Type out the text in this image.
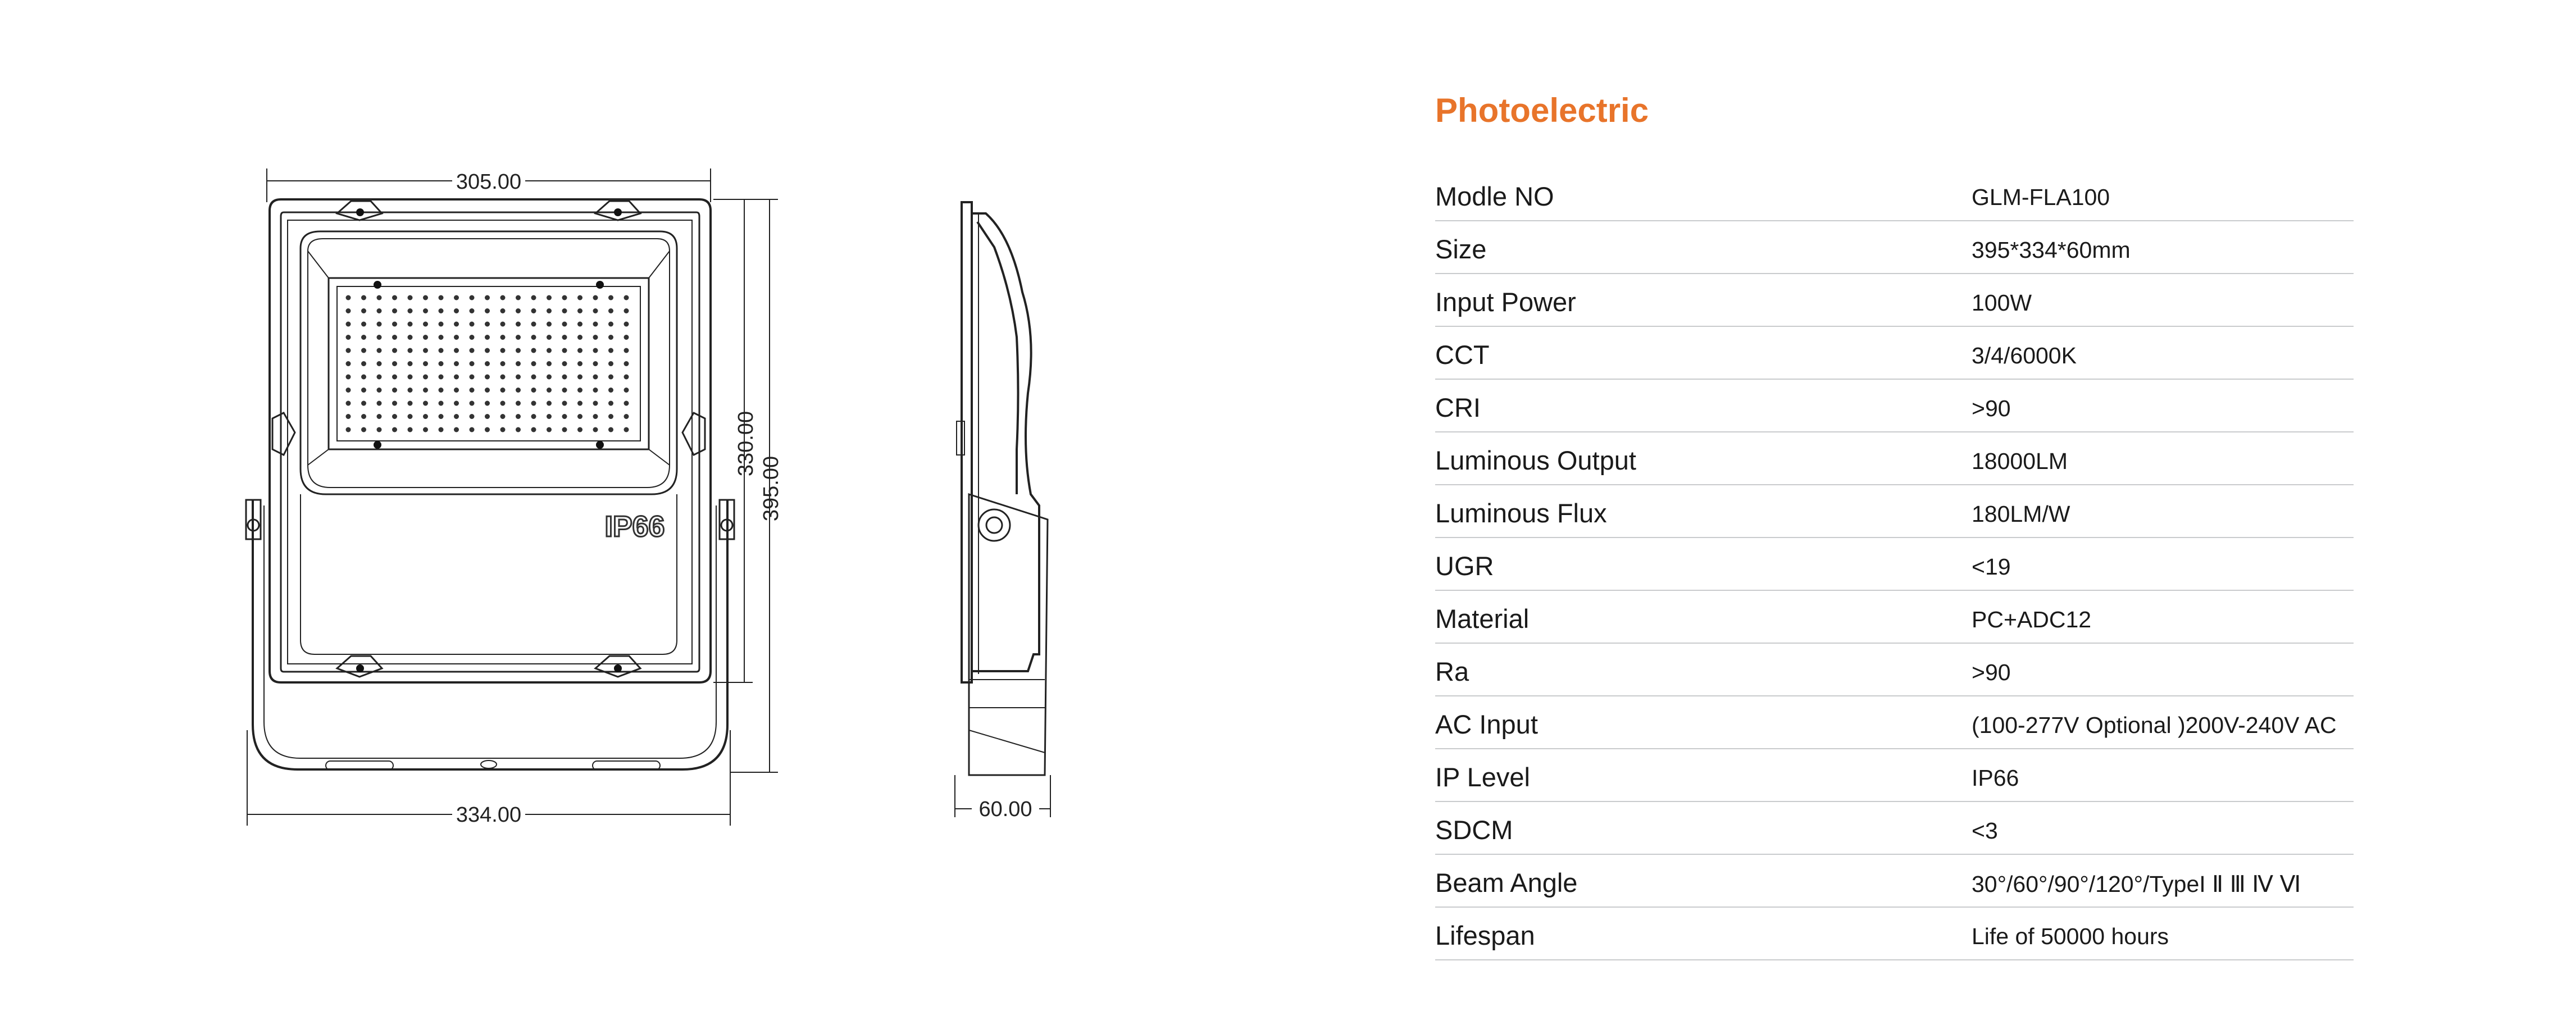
305.00
334.00
330.00
395.00
IP66
60.00
Photoelectric
Modle NO	GLM-FLA100
Size	395*334*60mm
Input Power	100W
CCT	3/4/6000K
CRI	>90
Luminous Output	18000LM
Luminous Flux	180LM/W
UGR	<19
Material	PC+ADC12
Ra	>90
AC Input	(100-277V Optional )200V-240V AC
IP Level	IP66
SDCM	<3
Beam Angle	30°/60°/90°/120°/TypeI Ⅱ Ⅲ Ⅳ Ⅵ
Lifespan	Life of 50000 hours
